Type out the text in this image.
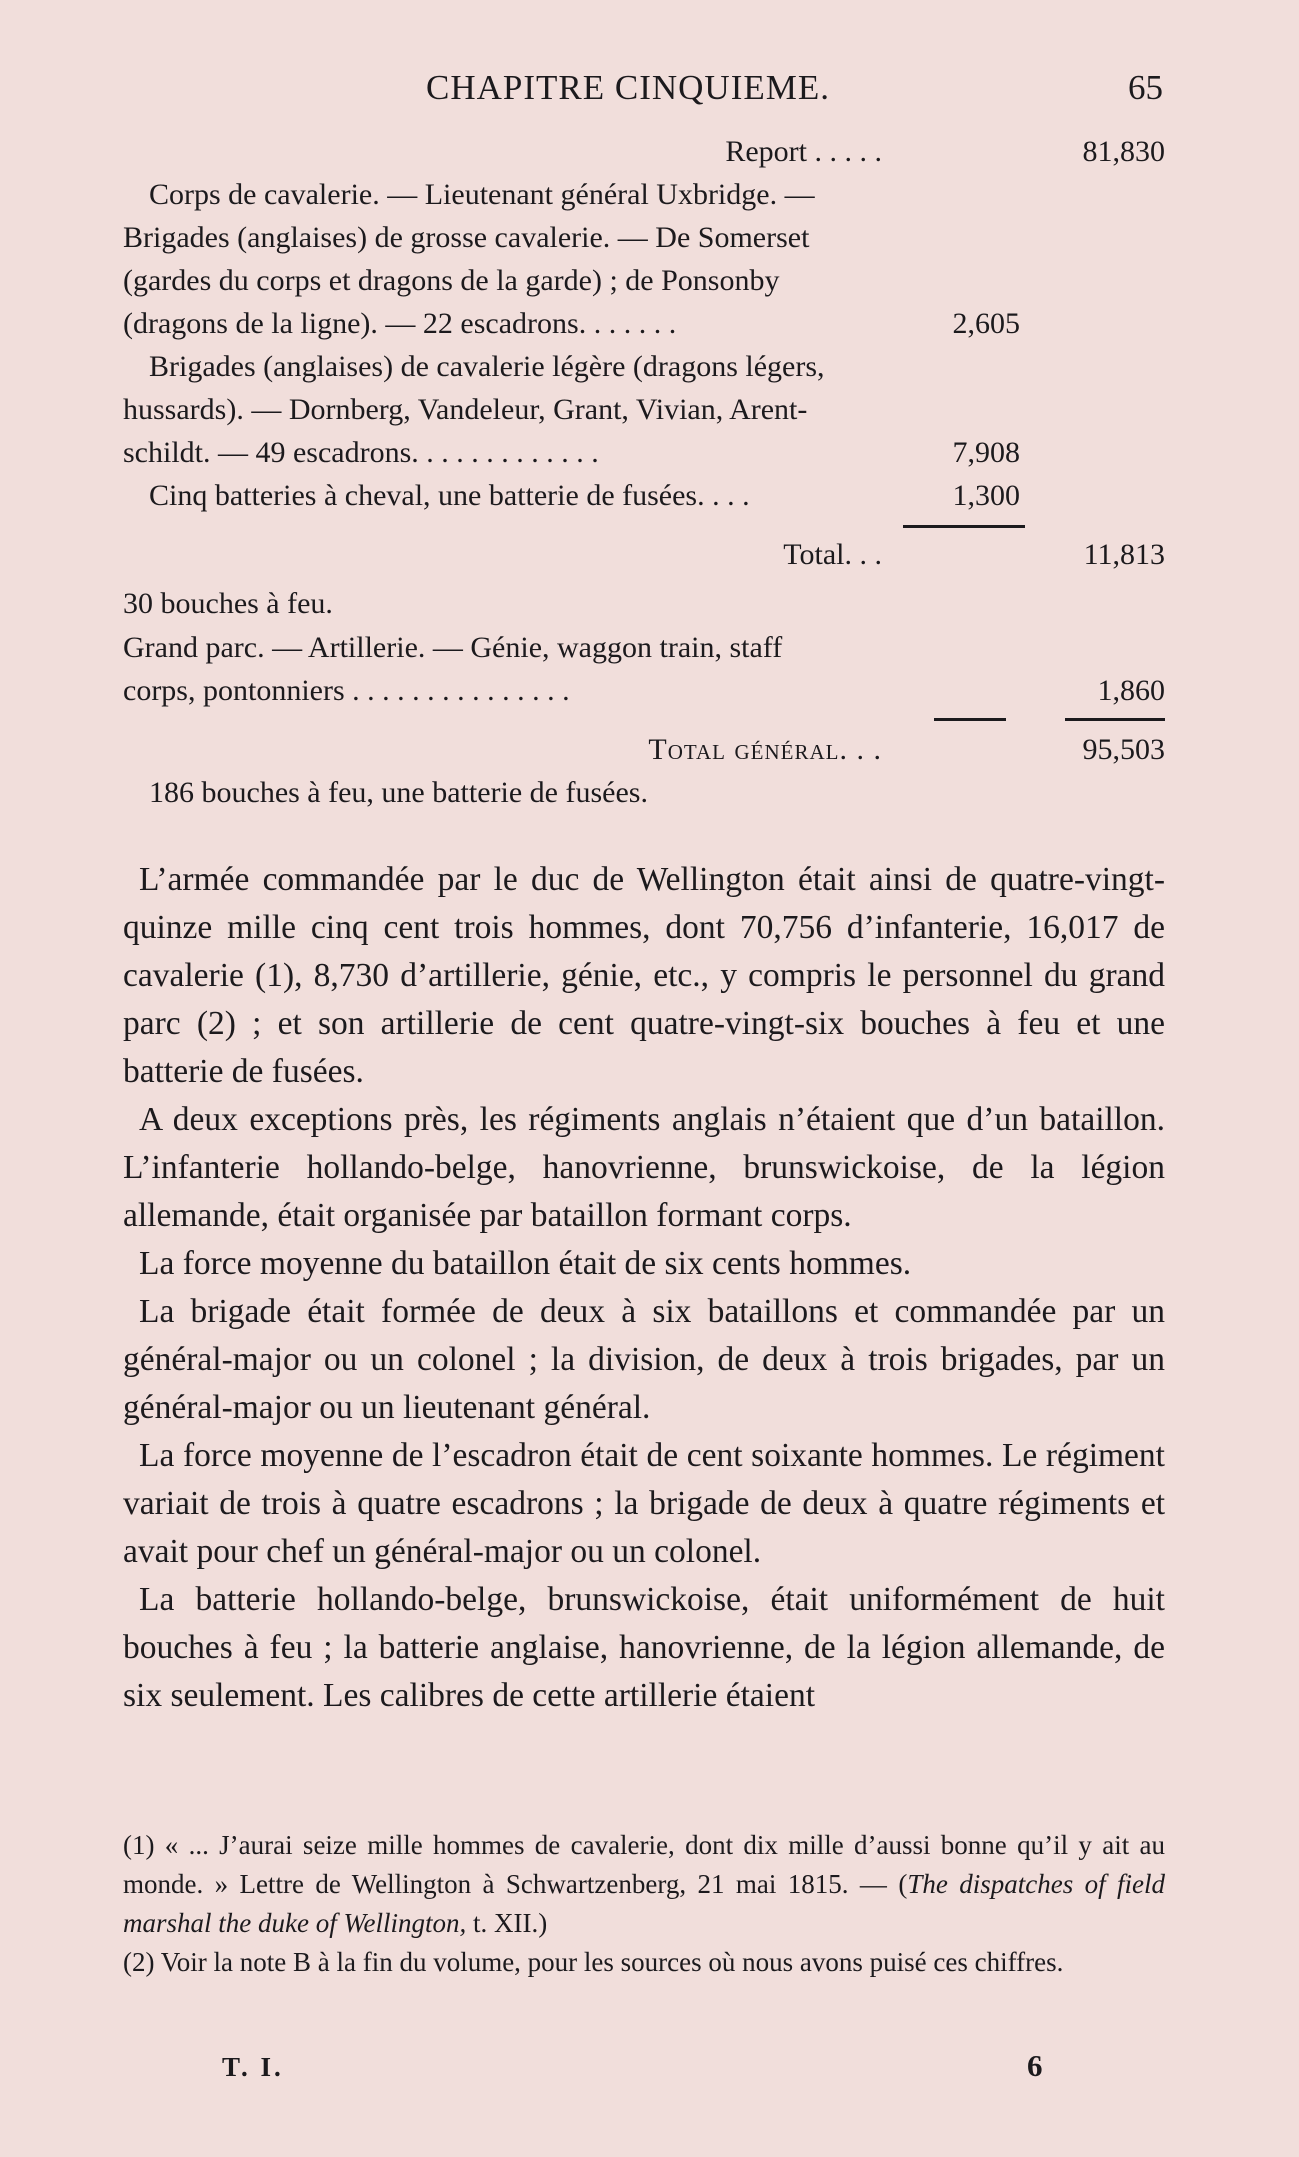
CHAPITRE CINQUIEME.	65
Report . . . . .	81,830
Corps de cavalerie. — Lieutenant général Uxbridge. —
Brigades (anglaises) de grosse cavalerie. — De Somerset
(gardes du corps et dragons de la garde) ; de Ponsonby
(dragons de la ligne). — 22 escadrons. . . . . . .	2,605
Brigades (anglaises) de cavalerie légère (dragons légers,
hussards). — Dornberg, Vandeleur, Grant, Vivian, Arent-
schildt. — 49 escadrons. . . . . . . . . . . . .	7,908
Cinq batteries à cheval, une batterie de fusées. . . .	1,300
Total. . .	11,813
30 bouches à feu.
Grand parc. — Artillerie. — Génie, waggon train, staff
corps, pontonniers . . . . . . . . . . . . . . .	1,860
Total général. . .	95,503
186 bouches à feu, une batterie de fusées.

L’armée commandée par le duc de Wellington était ainsi de quatre-vingt-quinze mille cinq cent trois hommes, dont 70,756 d’infanterie, 16,017 de cavalerie (1), 8,730 d’artillerie, génie, etc., y compris le personnel du grand parc (2) ; et son artillerie de cent quatre-vingt-six bouches à feu et une batterie de fusées.

A deux exceptions près, les régiments anglais n’étaient que d’un bataillon. L’infanterie hollando-belge, hanovrienne, brunswickoise, de la légion allemande, était organisée par bataillon formant corps.

La force moyenne du bataillon était de six cents hommes.

La brigade était formée de deux à six bataillons et commandée par un général-major ou un colonel ; la division, de deux à trois brigades, par un général-major ou un lieutenant général.

La force moyenne de l’escadron était de cent soixante hommes. Le régiment variait de trois à quatre escadrons ; la brigade de deux à quatre régiments et avait pour chef un général-major ou un colonel.

La batterie hollando-belge, brunswickoise, était uniformément de huit bouches à feu ; la batterie anglaise, hanovrienne, de la légion allemande, de six seulement. Les calibres de cette artillerie étaient

(1) « ... J’aurai seize mille hommes de cavalerie, dont dix mille d’aussi bonne qu’il y ait au monde. » Lettre de Wellington à Schwartzenberg, 21 mai 1815. — (The dispatches of field marshal the duke of Wellington, t. XII.)

(2) Voir la note B à la fin du volume, pour les sources où nous avons puisé ces chiffres.

T. I.	6
